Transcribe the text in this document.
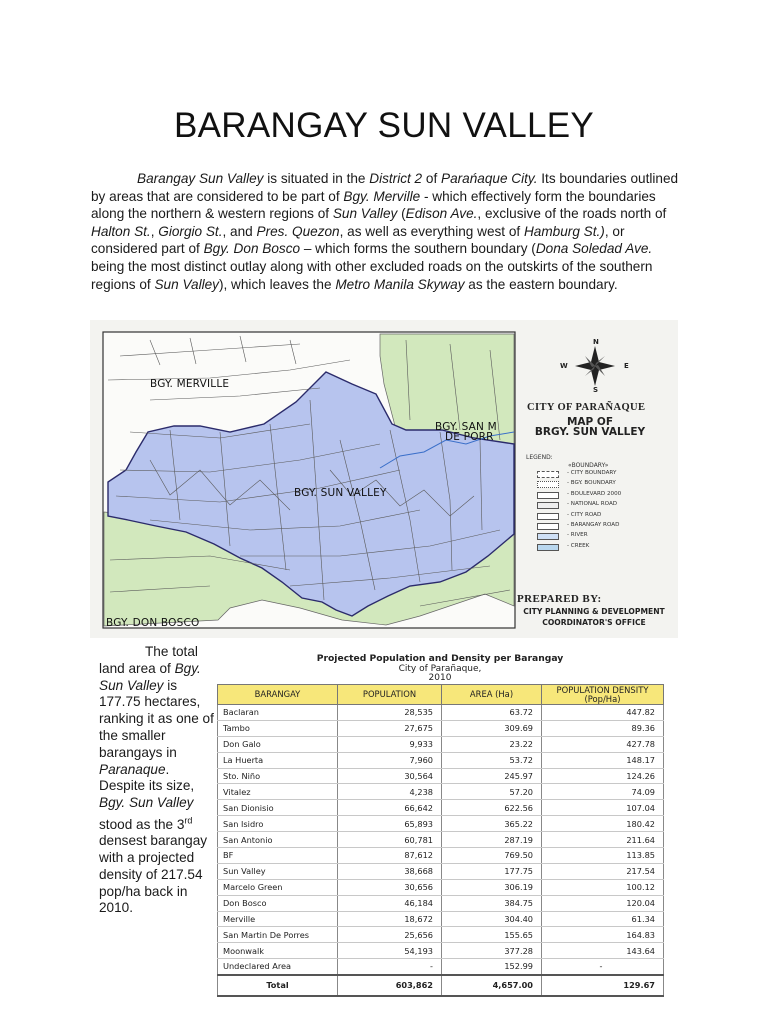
BARANGAY SUN VALLEY

Barangay Sun Valley is situated in the District 2 of Parańaque City. Its boundaries outlined by areas that are considered to be part of Bgy. Merville - which effectively form the boundaries along the northern & western regions of Sun Valley (Edison Ave., exclusive of the roads north of Halton St., Giorgio St., and Pres. Quezon, as well as everything west of Hamburg St.), or considered part of Bgy. Don Bosco – which forms the southern boundary (Dona Soledad Ave. being the most distinct outlay along with other excluded roads on the outskirts of the southern regions of Sun Valley), which leaves the Metro Manila Skyway as the eastern boundary.

BGY. MERVILLE
BGY. SAN M
DE PORR
BGY. SUN VALLEY
BGY. DON BOSCO
N
S
E
W
CITY OF PARAÑAQUE
MAP OF
BRGY. SUN VALLEY
LEGEND:
«BOUNDARY»
- CITY BOUNDARY
- BGY. BOUNDARY
- BOULEVARD 2000
- NATIONAL ROAD
- CITY ROAD
- BARANGAY ROAD
- RIVER
- CREEK
PREPARED BY:
CITY PLANNING & DEVELOPMENT
COORDINATOR'S OFFICE

The total land area of Bgy. Sun Valley is 177.75 hectares, ranking it as one of the smaller barangays in Paranaque. Despite its size, Bgy. Sun Valley stood as the 3rd densest barangay with a projected density of 217.54 pop/ha back in 2010.

Projected Population and Density per Barangay
City of Parañaque,
2010
BARANGAY	POPULATION	AREA (Ha)	POPULATION DENSITY (Pop/Ha)
Baclaran	28,535	63.72	447.82
Tambo	27,675	309.69	89.36
Don Galo	9,933	23.22	427.78
La Huerta	7,960	53.72	148.17
Sto. Niño	30,564	245.97	124.26
Vitalez	4,238	57.20	74.09
San Dionisio	66,642	622.56	107.04
San Isidro	65,893	365.22	180.42
San Antonio	60,781	287.19	211.64
BF	87,612	769.50	113.85
Sun Valley	38,668	177.75	217.54
Marcelo Green	30,656	306.19	100.12
Don Bosco	46,184	384.75	120.04
Merville	18,672	304.40	61.34
San Martin De Porres	25,656	155.65	164.83
Moonwalk	54,193	377.28	143.64
Undeclared Area	-	152.99	-
Total	603,862	4,657.00	129.67
